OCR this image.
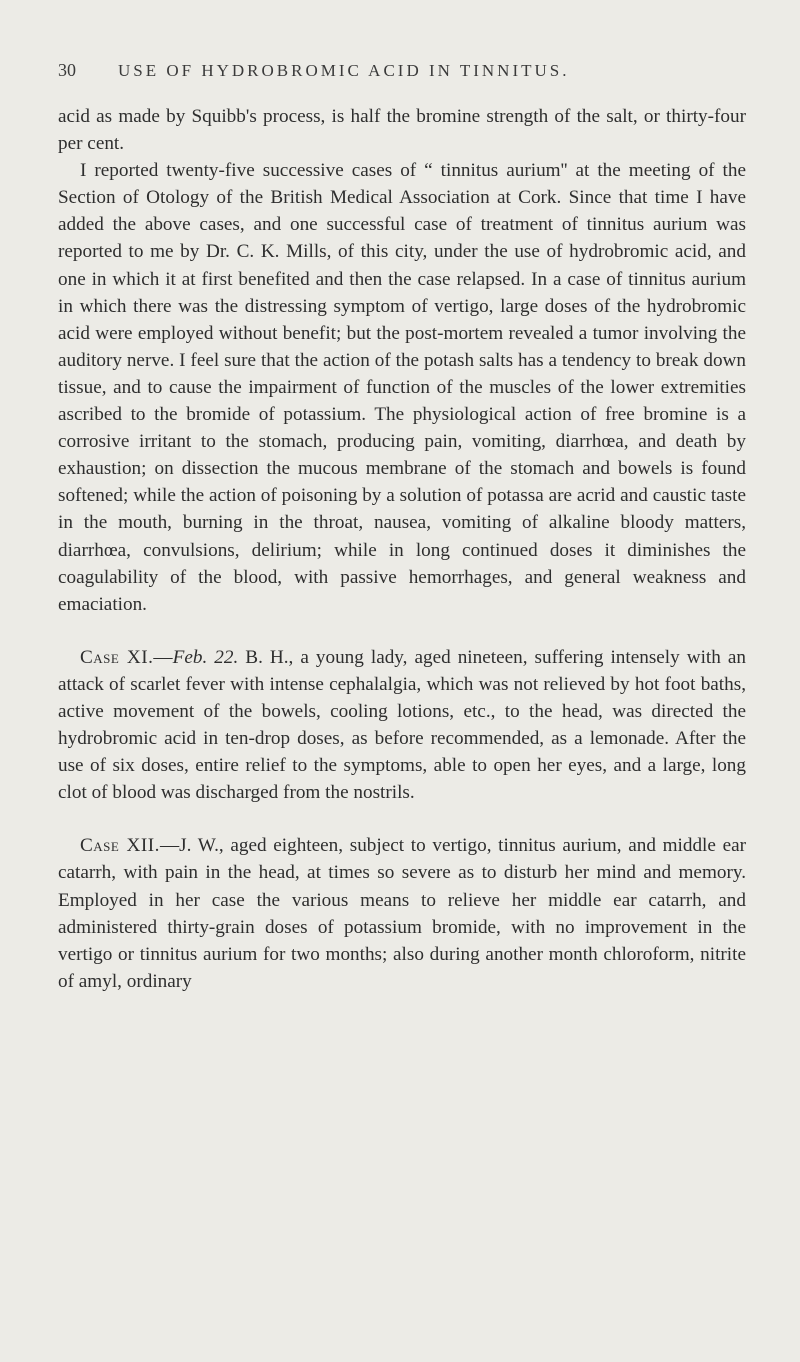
30	USE OF HYDROBROMIC ACID IN TINNITUS.

acid as made by Squibb's process, is half the bromine strength of the salt, or thirty-four per cent.

I reported twenty-five successive cases of “ tinnitus aurium'' at the meeting of the Section of Otology of the British Medical Association at Cork. Since that time I have added the above cases, and one successful case of treatment of tinnitus aurium was reported to me by Dr. C. K. Mills, of this city, under the use of hydrobromic acid, and one in which it at first benefited and then the case relapsed. In a case of tinnitus aurium in which there was the distressing symptom of vertigo, large doses of the hydrobromic acid were employed without benefit; but the post-mortem revealed a tumor involving the auditory nerve. I feel sure that the action of the potash salts has a tendency to break down tissue, and to cause the impairment of function of the muscles of the lower extremities ascribed to the bromide of potassium. The physiological action of free bromine is a corrosive irritant to the stomach, producing pain, vomiting, diarrhœa, and death by exhaustion; on dissection the mucous membrane of the stomach and bowels is found softened; while the action of poisoning by a solution of potassa are acrid and caustic taste in the mouth, burning in the throat, nausea, vomiting of alkaline bloody matters, diarrhœa, convulsions, delirium; while in long continued doses it diminishes the coagulability of the blood, with passive hemorrhages, and general weakness and emaciation.

Case XI.—Feb. 22. B. H., a young lady, aged nineteen, suffering intensely with an attack of scarlet fever with intense cephalalgia, which was not relieved by hot foot baths, active movement of the bowels, cooling lotions, etc., to the head, was directed the hydrobromic acid in ten-drop doses, as before recommended, as a lemonade. After the use of six doses, entire relief to the symptoms, able to open her eyes, and a large, long clot of blood was discharged from the nostrils.

Case XII.—J. W., aged eighteen, subject to vertigo, tinnitus aurium, and middle ear catarrh, with pain in the head, at times so severe as to disturb her mind and memory. Employed in her case the various means to relieve her middle ear catarrh, and administered thirty-grain doses of potassium bromide, with no improvement in the vertigo or tinnitus aurium for two months; also during another month chloroform, nitrite of amyl, ordinary
